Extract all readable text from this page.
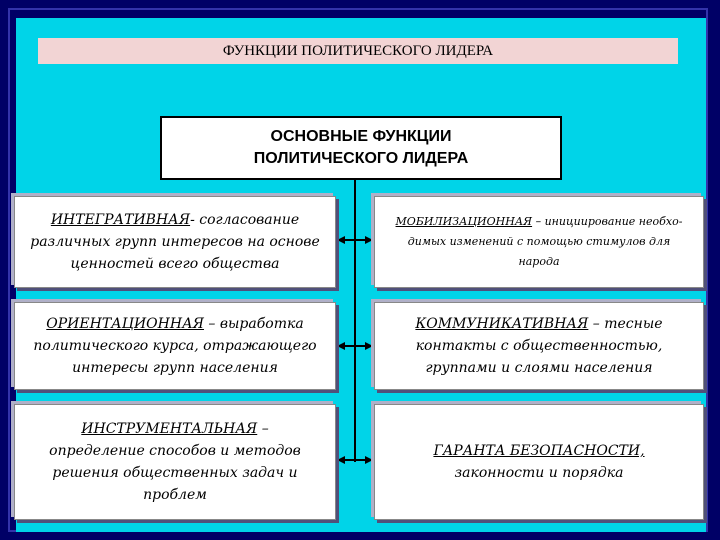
ФУНКЦИИ ПОЛИТИЧЕСКОГО ЛИДЕРА
ОСНОВНЫЕ ФУНКЦИИ
ПОЛИТИЧЕСКОГО ЛИДЕРА
ИНТЕГРАТИВНАЯ- согласование
различных групп интересов на основе
ценностей всего общества
МОБИЛИЗАЦИОННАЯ – инициирование необхо-
димых изменений с помощью стимулов для
народа
ОРИЕНТАЦИОННАЯ – выработка
политического курса, отражающего
интересы групп населения
КОММУНИКАТИВНАЯ – тесные
контакты с общественностью,
группами и слоями населения
ИНСТРУМЕНТАЛЬНАЯ –
определение способов и методов
решения общественных задач и
проблем
ГАРАНТА БЕЗОПАСНОСТИ,
законности и порядка
